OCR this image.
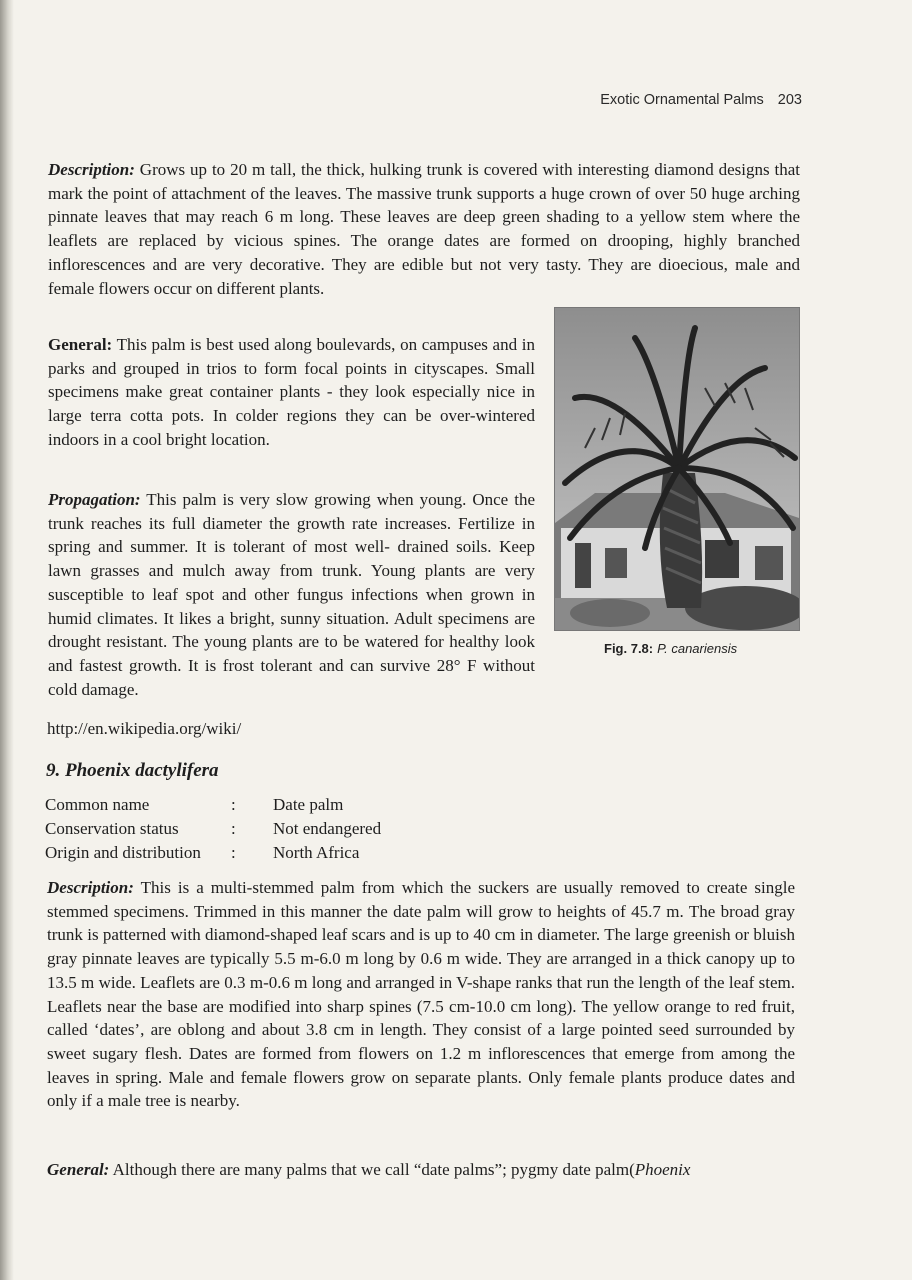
Exotic Ornamental Palms 203

Description: Grows up to 20 m tall, the thick, hulking trunk is covered with interesting diamond designs that mark the point of attachment of the leaves. The massive trunk supports a huge crown of over 50 huge arching pinnate leaves that may reach 6 m long. These leaves are deep green shading to a yellow stem where the leaflets are replaced by vicious spines. The orange dates are formed on drooping, highly branched inflorescences and are very decorative. They are edible but not very tasty. They are dioecious, male and female flowers occur on different plants.

General: This palm is best used along boulevards, on campuses and in parks and grouped in trios to form focal points in cityscapes. Small specimens make great container plants - they look especially nice in large terra cotta pots. In colder regions they can be over-wintered indoors in a cool bright location.

Propagation: This palm is very slow growing when young. Once the trunk reaches its full diameter the growth rate increases. Fertilize in spring and summer. It is tolerant of most well- drained soils. Keep lawn grasses and mulch away from trunk. Young plants are very susceptible to leaf spot and other fungus infections when grown in humid climates. It likes a bright, sunny situation. Adult specimens are drought resistant. The young plants are to be watered for healthy look and fastest growth. It is frost tolerant and can survive 28° F without cold damage.

Fig. 7.8: P. canariensis
http://en.wikipedia.org/wiki/
9. Phoenix dactylifera
Common name	:	Date palm
Conservation status	:	Not endangered
Origin and distribution	:	North Africa

Description: This is a multi-stemmed palm from which the suckers are usually removed to create single stemmed specimens. Trimmed in this manner the date palm will grow to heights of 45.7 m. The broad gray trunk is patterned with diamond-shaped leaf scars and is up to 40 cm in diameter. The large greenish or bluish gray pinnate leaves are typically 5.5 m-6.0 m long by 0.6 m wide. They are arranged in a thick canopy up to 13.5 m wide. Leaflets are 0.3 m-0.6 m long and arranged in V-shape ranks that run the length of the leaf stem. Leaflets near the base are modified into sharp spines (7.5 cm-10.0 cm long). The yellow orange to red fruit, called ‘dates’, are oblong and about 3.8 cm in length. They consist of a large pointed seed surrounded by sweet sugary flesh. Dates are formed from flowers on 1.2 m inflorescences that emerge from among the leaves in spring. Male and female flowers grow on separate plants. Only female plants produce dates and only if a male tree is nearby.

General: Although there are many palms that we call “date palms”; pygmy date palm(Phoenix
